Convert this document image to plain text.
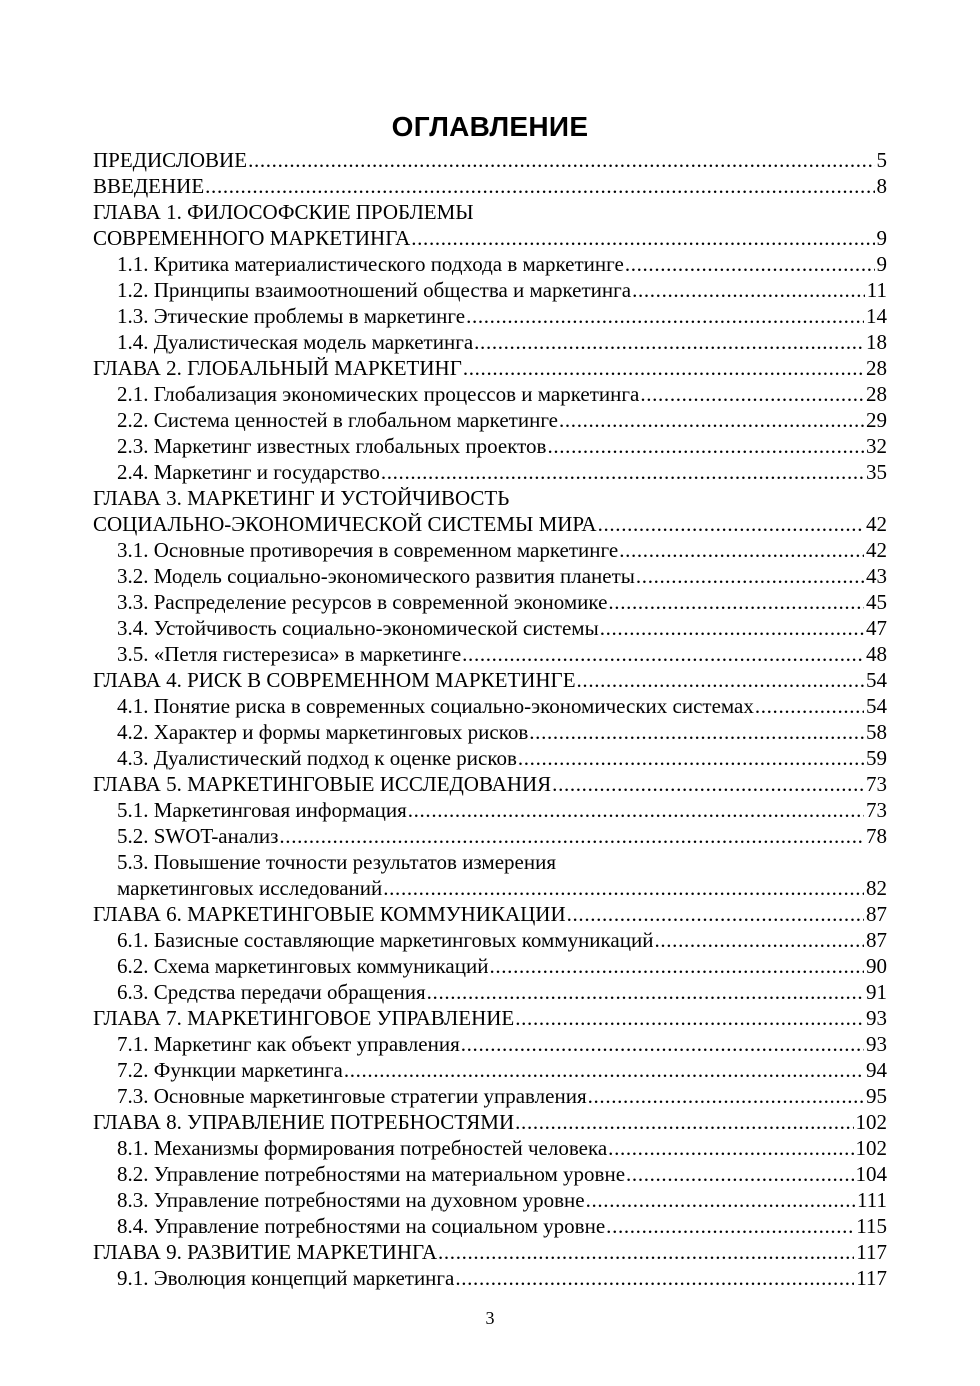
ОГЛАВЛЕНИЕ
ПРЕДИСЛОВИЕ . . .	5
ВВЕДЕНИЕ . . .	8
ГЛАВА 1. ФИЛОСОФСКИЕ ПРОБЛЕМЫ
СОВРЕМЕННОГО МАРКЕТИНГА . . .	9
1.1. Критика материалистического подхода в маркетинге . . .	9
1.2. Принципы взаимоотношений общества и маркетинга . . .	11
1.3. Этические проблемы в маркетинге . . .	14
1.4. Дуалистическая модель маркетинга . . .	18
ГЛАВА 2. ГЛОБАЛЬНЫЙ МАРКЕТИНГ . . .	28
2.1. Глобализация экономических процессов и маркетинга . . .	28
2.2. Система ценностей в глобальном маркетинге . . .	29
2.3. Маркетинг известных глобальных проектов . . .	32
2.4. Маркетинг и государство . . .	35
ГЛАВА 3. МАРКЕТИНГ И УСТОЙЧИВОСТЬ
СОЦИАЛЬНО-ЭКОНОМИЧЕСКОЙ СИСТЕМЫ МИРА . . .	42
3.1. Основные противоречия в современном маркетинге . . .	42
3.2. Модель социально-экономического развития планеты . . .	43
3.3. Распределение ресурсов в современной экономике . . .	45
3.4. Устойчивость социально-экономической системы . . .	47
3.5. «Петля гистерезиса» в маркетинге . . .	48
ГЛАВА 4. РИСК В СОВРЕМЕННОМ МАРКЕТИНГЕ . . .	54
4.1. Понятие риска в современных социально-экономических системах . . .	54
4.2. Характер и формы маркетинговых рисков . . .	58
4.3. Дуалистический подход к оценке рисков . . .	59
ГЛАВА 5. МАРКЕТИНГОВЫЕ ИССЛЕДОВАНИЯ . . .	73
5.1. Маркетинговая информация . . .	73
5.2. SWOT-анализ . . .	78
5.3. Повышение точности результатов измерения
маркетинговых исследований . . .	82
ГЛАВА 6. МАРКЕТИНГОВЫЕ КОММУНИКАЦИИ . . .	87
6.1. Базисные составляющие маркетинговых коммуникаций . . .	87
6.2. Схема маркетинговых коммуникаций . . .	90
6.3. Средства передачи обращения . . .	91
ГЛАВА 7. МАРКЕТИНГОВОЕ УПРАВЛЕНИЕ . . .	93
7.1. Маркетинг как объект управления . . .	93
7.2. Функции маркетинга . . .	94
7.3. Основные маркетинговые стратегии управления . . .	95
ГЛАВА 8. УПРАВЛЕНИЕ ПОТРЕБНОСТЯМИ . . .	102
8.1. Механизмы формирования потребностей человека . . .	102
8.2. Управление потребностями на материальном уровне . . .	104
8.3. Управление потребностями на духовном уровне . . .	111
8.4. Управление потребностями на социальном уровне . . .	115
ГЛАВА 9. РАЗВИТИЕ МАРКЕТИНГА . . .	117
9.1. Эволюция концепций маркетинга . . .	117
3
